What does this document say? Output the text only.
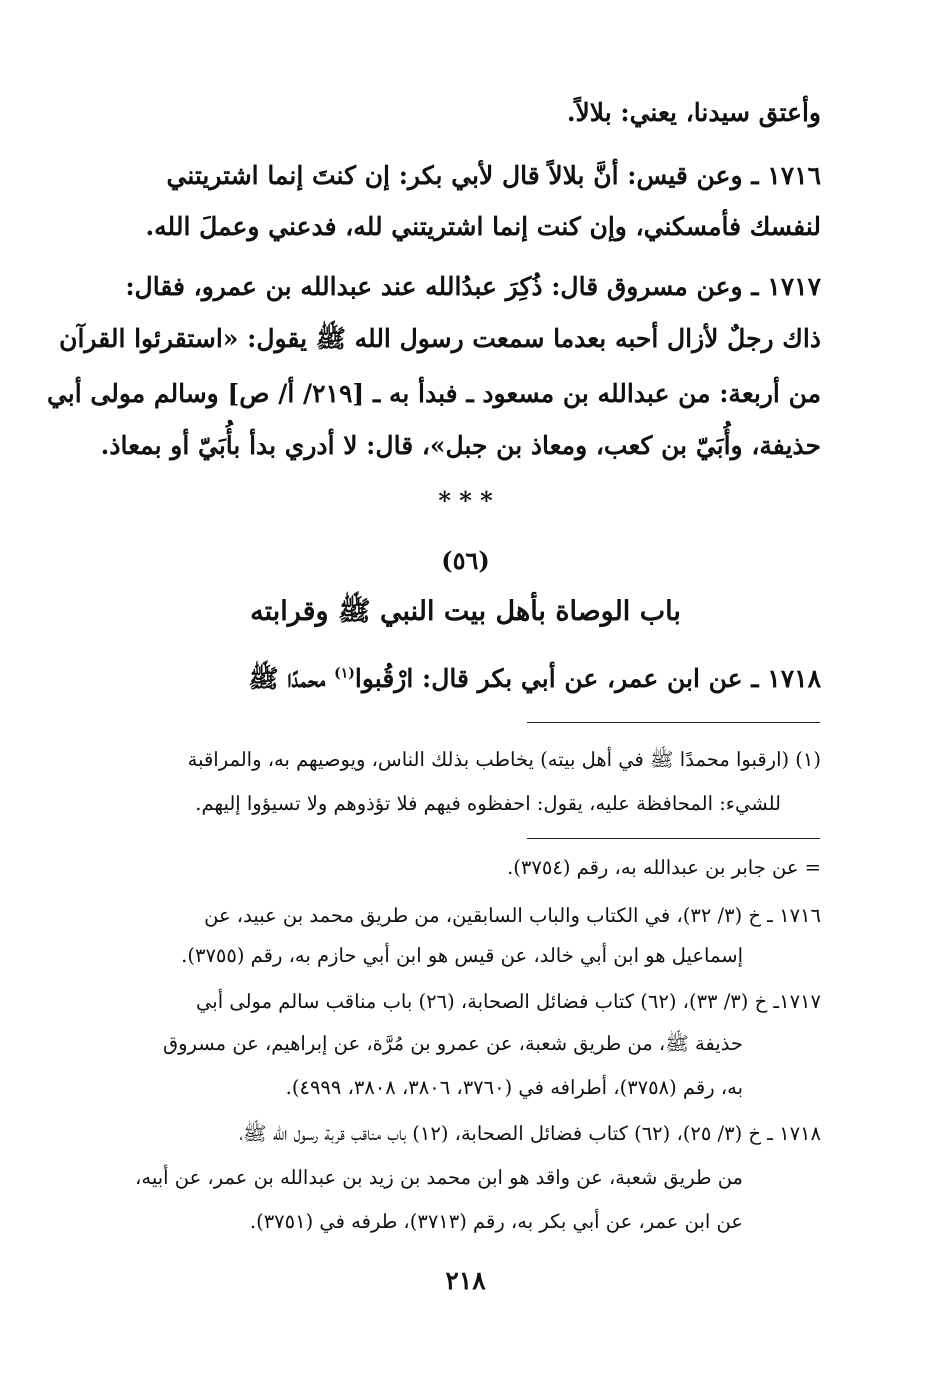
وأعتق سيدنا، يعني: بلالاً.
١٧١٦ ـ وعن قيس: أنَّ بلالاً قال لأبي بكر: إن كنتَ إنما اشتريتني
لنفسك فأمسكني، وإن كنت إنما اشتريتني لله، فدعني وعملَ الله.
١٧١٧ ـ وعن مسروق قال: ذُكِرَ عبدُالله عند عبدالله بن عمرو، فقال:
ذاك رجلٌ لأزال أحبه بعدما سمعت رسول الله ﷺ يقول: «استقرئوا القرآن
من أربعة: من عبدالله بن مسعود ـ فبدأ به ـ [٢١٩/ أ/ ص] وسالم مولى أبي
حذيفة، وأُبَيّ بن كعب، ومعاذ بن جبل»، قال: لا أدري بدأ بأُبَيّ أو بمعاذ.
* * *
(٥٦)
باب الوصاة بأهل بيت النبي ﷺ وقرابته
١٧١٨ ـ عن ابن عمر، عن أبي بكر قال: ارْقُبوا$^{(١)}$ محمدًا ﷺ
(١) (ارقبوا محمدًا ﷺ في أهل بيته) يخاطب بذلك الناس، ويوصيهم به، والمراقبة
للشيء: المحافظة عليه، يقول: احفظوه فيهم فلا تؤذوهم ولا تسيؤوا إليهم.
= عن جابر بن عبدالله به، رقم (٣٧٥٤).
١٧١٦ ـ خ (٣/ ٣٢)، في الكتاب والباب السابقين، من طريق محمد بن عبيد، عن
إسماعيل هو ابن أبي خالد، عن قيس هو ابن أبي حازم به، رقم (٣٧٥٥).
١٧١٧ـ خ (٣/ ٣٣)، (٦٢) كتاب فضائل الصحابة، (٢٦) باب مناقب سالم مولى أبي
حذيفة ﷺ، من طريق شعبة، عن عمرو بن مُرَّة، عن إبراهيم، عن مسروق
به، رقم (٣٧٥٨)، أطرافه في (٣٧٦٠، ٣٨٠٦، ٣٨٠٨، ٤٩٩٩).
١٧١٨ ـ خ (٣/ ٢٥)، (٦٢) كتاب فضائل الصحابة، (١٢) باب مناقب قربة رسول الله ﷺ،
من طريق شعبة، عن واقد هو ابن محمد بن زيد بن عبدالله بن عمر، عن أبيه،
عن ابن عمر، عن أبي بكر به، رقم (٣٧١٣)، طرفه في (٣٧٥١).
٢١٨
